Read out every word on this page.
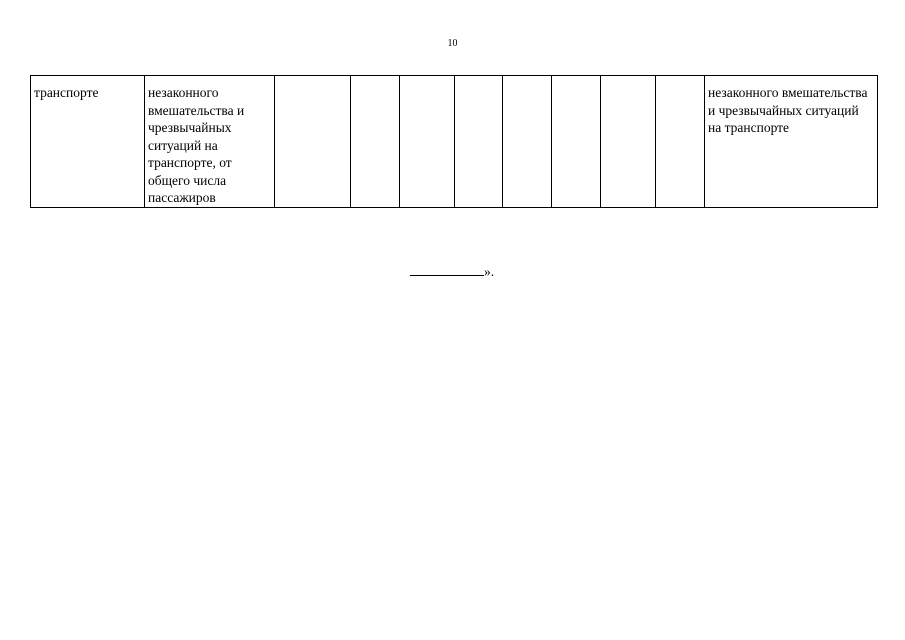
10
транспорте	незаконного вмешательства и чрезвычайных ситуаций на транспорте, от общего числа пассажиров									незаконного вмешательства и чрезвычайных ситуаций на транспорте
».
